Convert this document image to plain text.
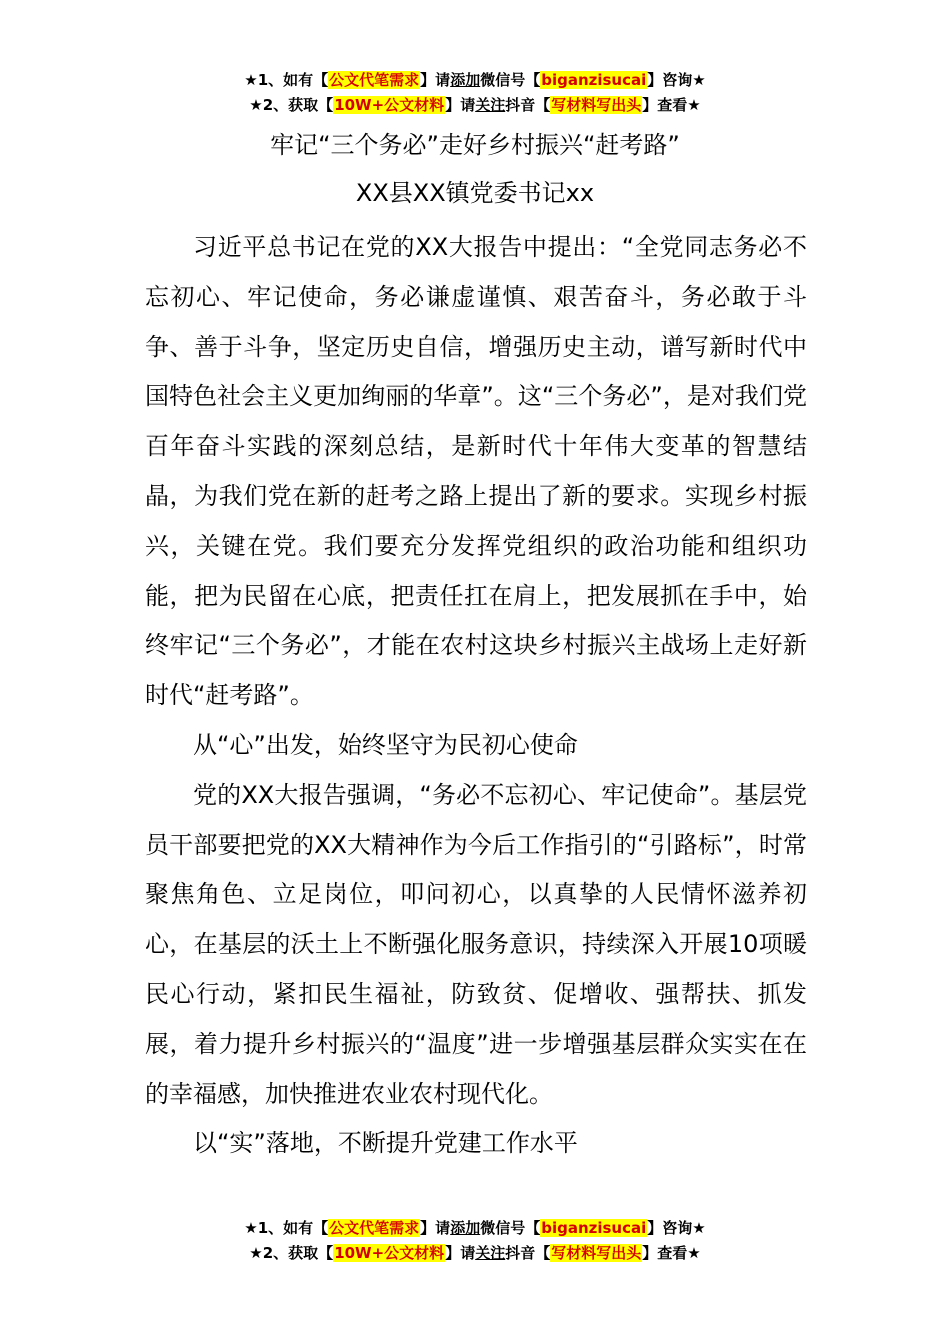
★1、如有【公文代笔需求】请添加微信号【biganzisucai】咨询★
★2、获取【10W+公文材料】请关注抖音【写材料写出头】查看★
牢记“三个务必”走好乡村振兴“赶考路”
XX县XX镇党委书记xx

习近平总书记在党的XX大报告中提出：“全党同志务必不忘初心、牢记使命，务必谦虚谨慎、艰苦奋斗，务必敢于斗争、善于斗争，坚定历史自信，增强历史主动，谱写新时代中国特色社会主义更加绚丽的华章”。这“三个务必”，是对我们党百年奋斗实践的深刻总结，是新时代十年伟大变革的智慧结晶，为我们党在新的赶考之路上提出了新的要求。实现乡村振兴，关键在党。我们要充分发挥党组织的政治功能和组织功能，把为民留在心底，把责任扛在肩上，把发展抓在手中，始终牢记“三个务必”，才能在农村这块乡村振兴主战场上走好新时代“赶考路”。

从“心”出发，始终坚守为民初心使命

党的XX大报告强调，“务必不忘初心、牢记使命”。基层党员干部要把党的XX大精神作为今后工作指引的“引路标”，时常聚焦角色、立足岗位，叩问初心，以真挚的人民情怀滋养初心，在基层的沃土上不断强化服务意识，持续深入开展10项暖民心行动，紧扣民生福祉，防致贫、促增收、强帮扶、抓发展，着力提升乡村振兴的“温度”进一步增强基层群众实实在在的幸福感，加快推进农业农村现代化。

以“实”落地，不断提升党建工作水平

★1、如有【公文代笔需求】请添加微信号【biganzisucai】咨询★
★2、获取【10W+公文材料】请关注抖音【写材料写出头】查看★
